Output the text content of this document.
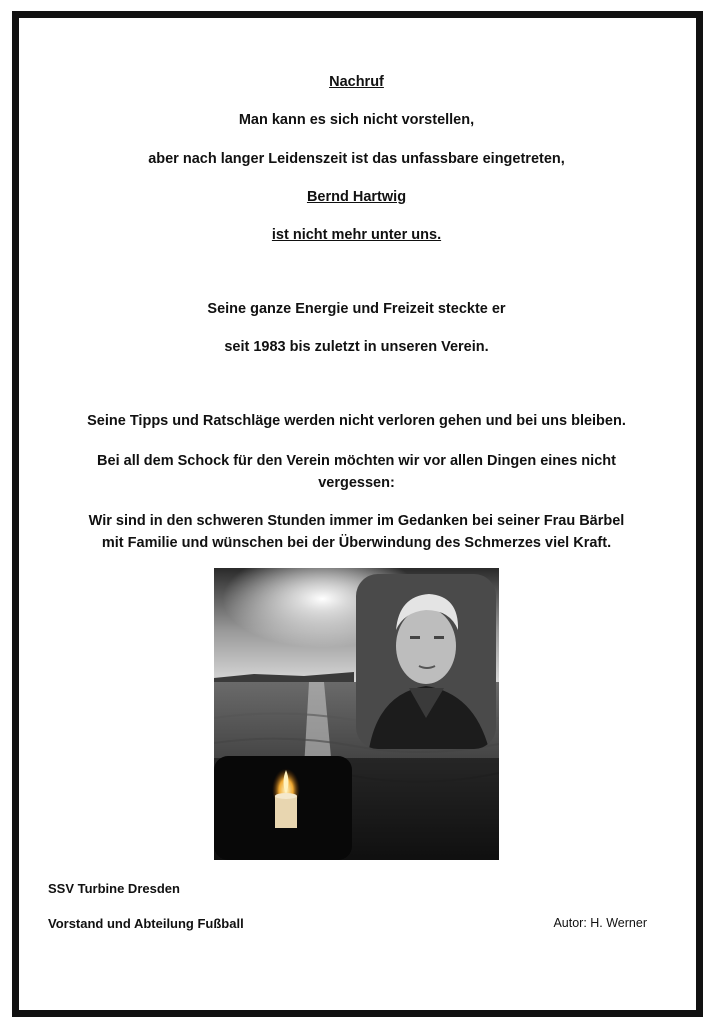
Nachruf
Man kann es sich nicht vorstellen,
aber nach langer Leidenszeit ist das unfassbare eingetreten,
Bernd Hartwig
ist nicht mehr unter uns.
Seine ganze Energie und Freizeit steckte er
seit 1983 bis zuletzt in unseren Verein.
Seine Tipps und Ratschläge werden nicht verloren gehen und bei uns bleiben.
Bei all dem Schock für den Verein möchten wir vor allen Dingen eines nicht
vergessen:
Wir sind in den schweren Stunden immer im Gedanken bei seiner Frau Bärbel
mit Familie und wünschen bei der Überwindung des Schmerzes viel Kraft.
SSV Turbine Dresden
Vorstand und Abteilung Fußball	Autor: H. Werner
